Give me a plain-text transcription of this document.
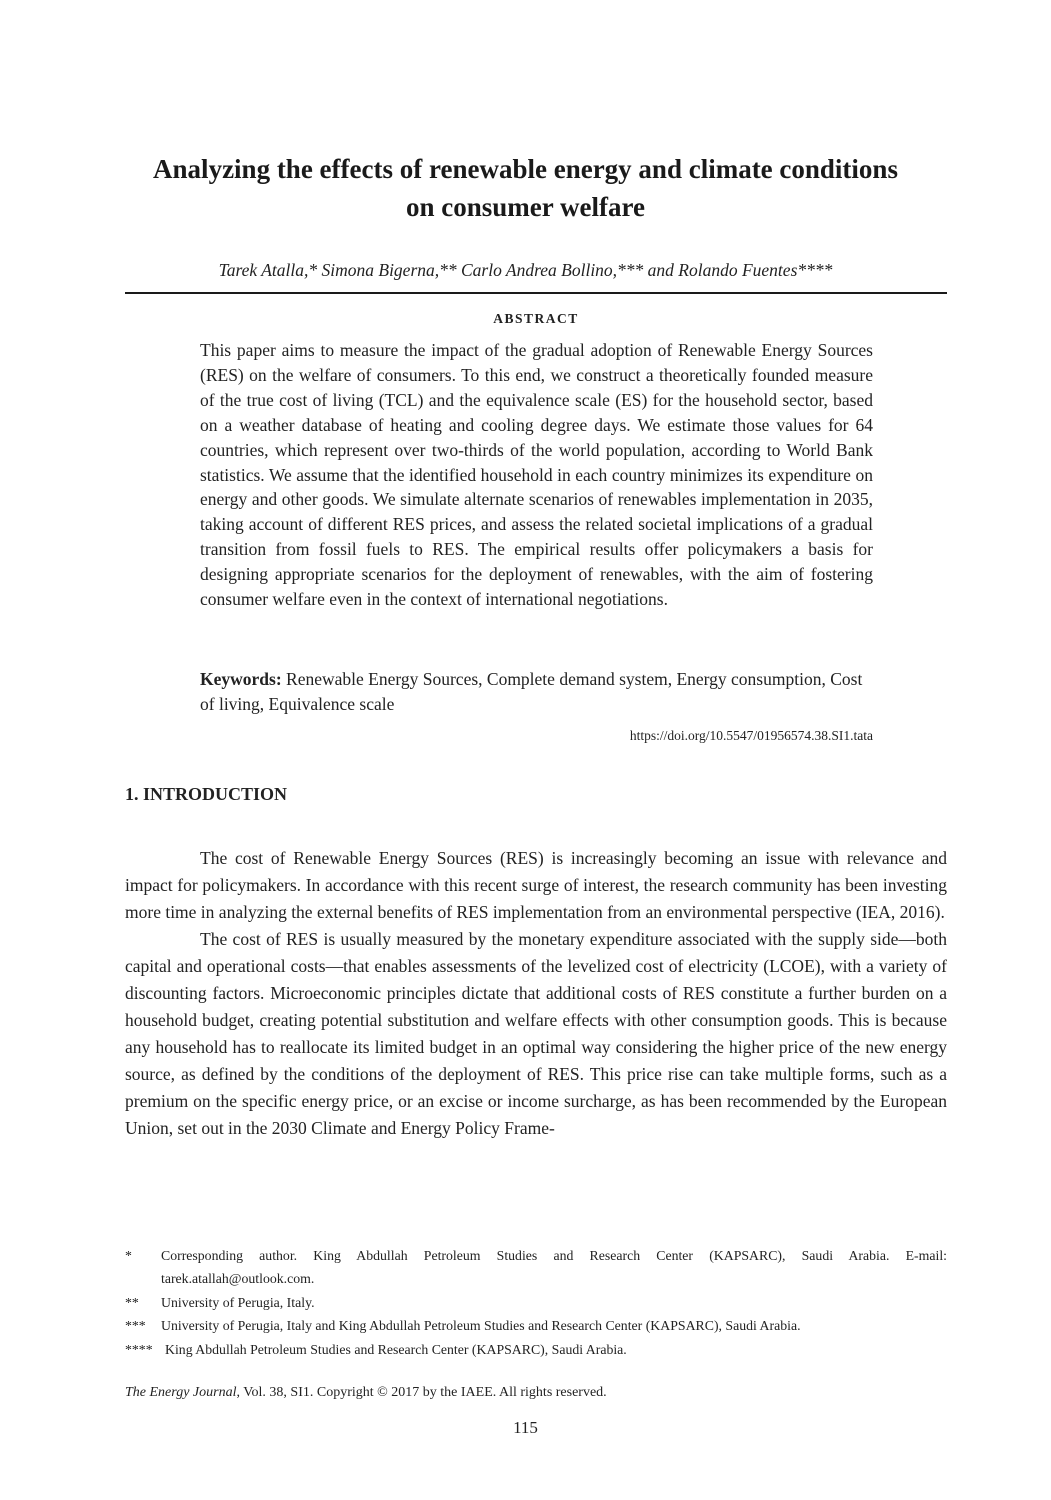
Analyzing the effects of renewable energy and climate conditions
on consumer welfare
Tarek Atalla,* Simona Bigerna,** Carlo Andrea Bollino,*** and Rolando Fuentes****
ABSTRACT

This paper aims to measure the impact of the gradual adoption of Renewable Energy Sources (RES) on the welfare of consumers. To this end, we construct a theoretically founded measure of the true cost of living (TCL) and the equivalence scale (ES) for the household sector, based on a weather database of heating and cooling degree days. We estimate those values for 64 countries, which represent over two-thirds of the world population, according to World Bank statistics. We assume that the identified household in each country minimizes its expenditure on energy and other goods. We simulate alternate scenarios of renewables implementation in 2035, taking account of different RES prices, and assess the related societal implications of a gradual transition from fossil fuels to RES. The empirical results offer policymakers a basis for designing appropriate scenarios for the deployment of renewables, with the aim of fostering consumer welfare even in the context of international negotiations.

Keywords: Renewable Energy Sources, Complete demand system, Energy consumption, Cost of living, Equivalence scale

https://doi.org/10.5547/01956574.38.SI1.tata
1. INTRODUCTION

The cost of Renewable Energy Sources (RES) is increasingly becoming an issue with relevance and impact for policymakers. In accordance with this recent surge of interest, the research community has been investing more time in analyzing the external benefits of RES implementation from an environmental perspective (IEA, 2016).

The cost of RES is usually measured by the monetary expenditure associated with the supply side—both capital and operational costs—that enables assessments of the levelized cost of electricity (LCOE), with a variety of discounting factors. Microeconomic principles dictate that additional costs of RES constitute a further burden on a household budget, creating potential substitution and welfare effects with other consumption goods. This is because any household has to reallocate its limited budget in an optimal way considering the higher price of the new energy source, as defined by the conditions of the deployment of RES. This price rise can take multiple forms, such as a premium on the specific energy price, or an excise or income surcharge, as has been recommended by the European Union, set out in the 2030 Climate and Energy Policy Frame-

*	Corresponding author. King Abdullah Petroleum Studies and Research Center (KAPSARC), Saudi Arabia. E-mail: tarek.atallah@outlook.com.
**	University of Perugia, Italy.
***	University of Perugia, Italy and King Abdullah Petroleum Studies and Research Center (KAPSARC), Saudi Arabia.
**** King Abdullah Petroleum Studies and Research Center (KAPSARC), Saudi Arabia.
The Energy Journal, Vol. 38, SI1. Copyright © 2017 by the IAEE. All rights reserved.
115
